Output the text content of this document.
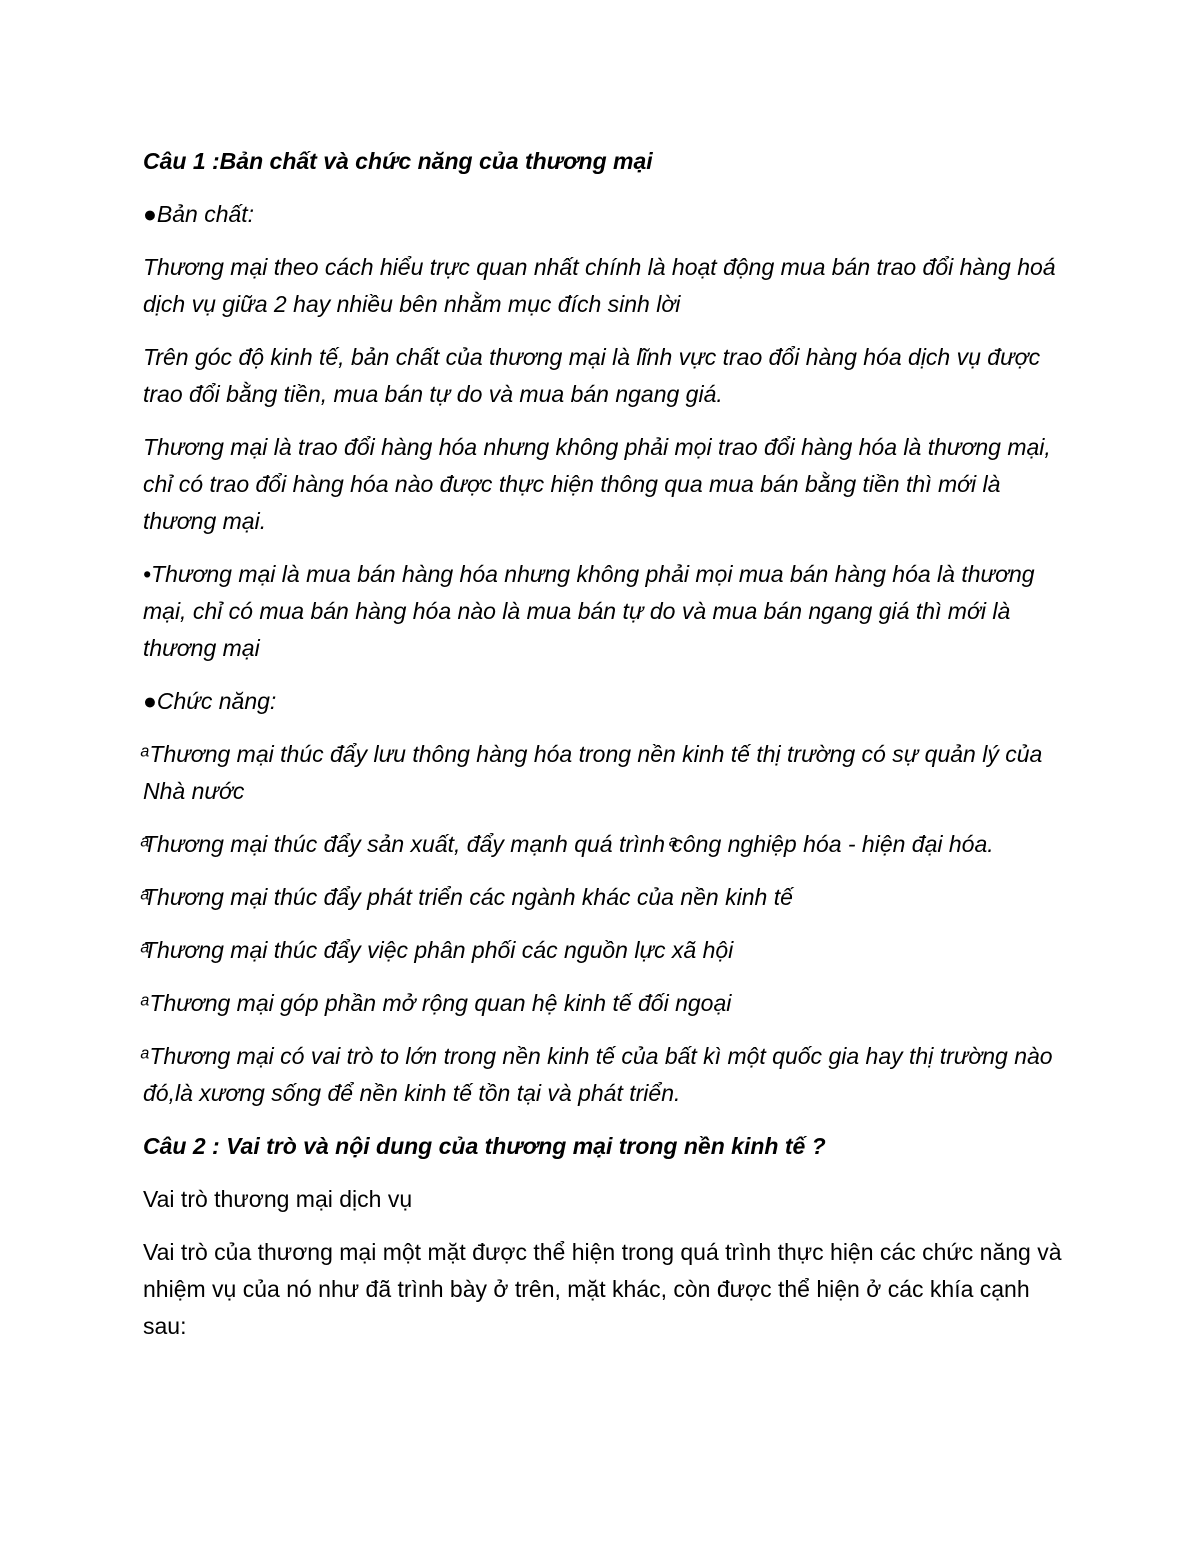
Câu 1 :Bản chất và chức năng của thương mại

●Bản chất:

Thương mại theo cách hiểu trực quan nhất chính là hoạt động mua bán trao đổi hàng hoá dịch vụ giữa 2 hay nhiều bên nhằm mục đích sinh lời

Trên góc độ kinh tế, bản chất của thương mại là lĩnh vực trao đổi hàng hóa dịch vụ được trao đổi bằng tiền, mua bán tự do và mua bán ngang giá.

Thương mại là trao đổi hàng hóa nhưng không phải mọi trao đổi hàng hóa là thương mại, chỉ có trao đổi hàng hóa nào được thực hiện thông qua mua bán bằng tiền thì mới là thương mại.

•Thương mại là mua bán hàng hóa nhưng không phải mọi mua bán hàng hóa là thương mại, chỉ có mua bán hàng hóa nào là mua bán tự do và mua bán ngang giá thì mới là thương mại

●Chức năng:

ͣ Thương mại thúc đẩy lưu thông hàng hóa trong nền kinh tế thị trường có sự quản lý của Nhà nước

ͣThương mại thúc đẩy sản xuất, đẩy mạnh quá trình ͣcông nghiệp hóa - hiện đại hóa.

ͣThương mại thúc đẩy phát triển các ngành khác của nền kinh tế

ͣThương mại thúc đẩy việc phân phối các nguồn lực xã hội

ͣ Thương mại góp phần mở rộng quan hệ kinh tế đối ngoại

ͣ Thương mại có vai trò to lớn trong nền kinh tế của bất kì một quốc gia hay thị trường nào đó,là xương sống để nền kinh tế tồn tại và phát triển.

Câu 2 : Vai trò và nội dung của thương mại trong nền kinh tế ?

Vai trò thương mại dịch vụ

Vai trò của thương mại một mặt được thể hiện trong quá trình thực hiện các chức năng và nhiệm vụ của nó như đã trình bày ở trên, mặt khác, còn được thể hiện ở các khía cạnh sau:
